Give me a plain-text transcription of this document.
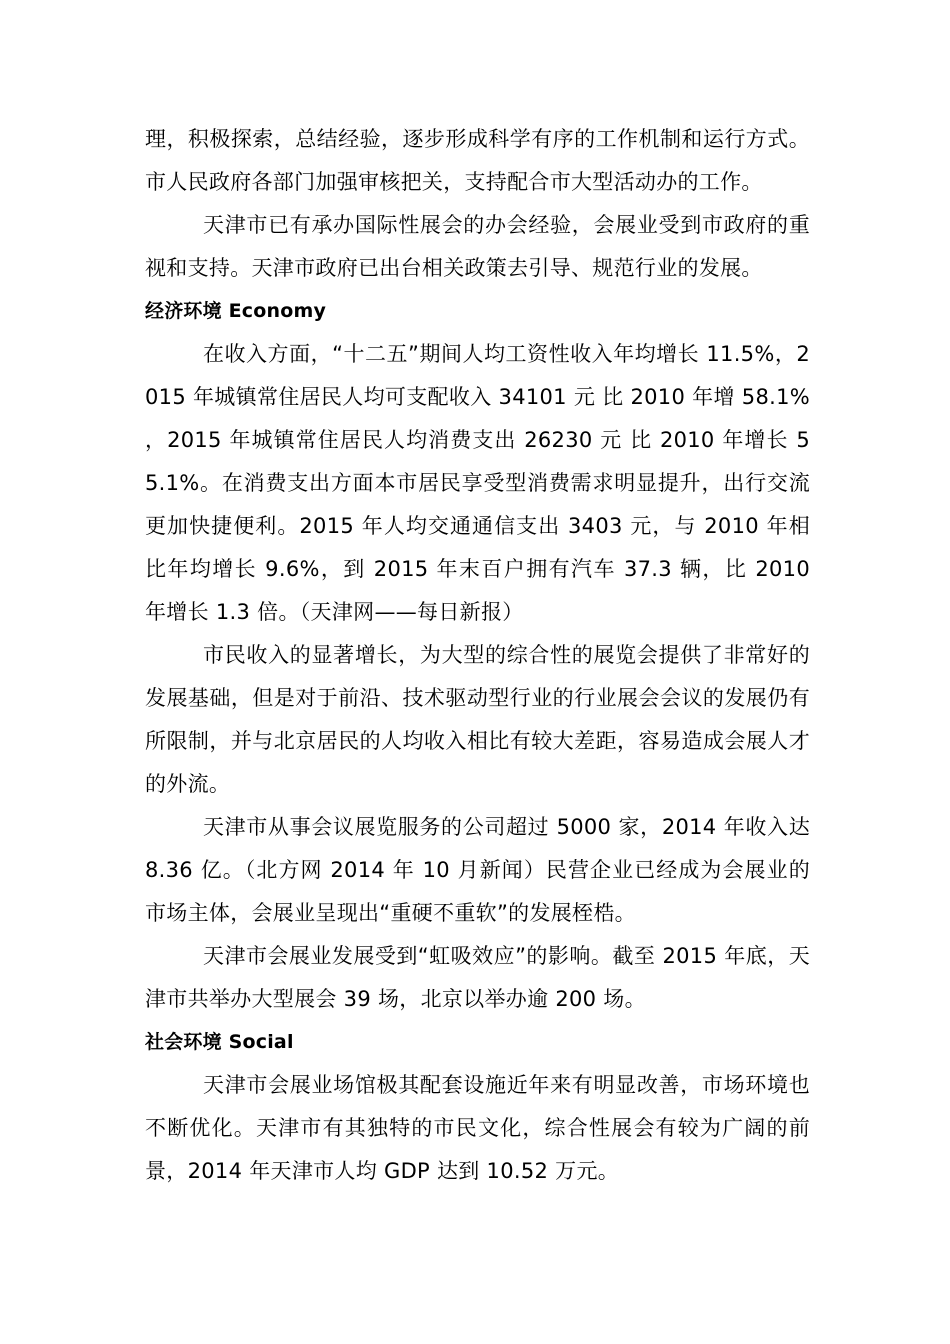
理，积极探索，总结经验，逐步形成科学有序的工作机制和运行方式。市人民政府各部门加强审核把关，支持配合市大型活动办的工作。

天津市已有承办国际性展会的办会经验，会展业受到市政府的重视和支持。天津市政府已出台相关政策去引导、规范行业的发展。

经济环境 Economy

在收入方面，“十二五”期间人均工资性收入年均增长 11.5%，2015 年城镇常住居民人均可支配收入 34101 元 比 2010 年增 58.1% ，2015 年城镇常住居民人均消费支出 26230 元 比 2010 年增长 55.1%。在消费支出方面本市居民享受型消费需求明显提升，出行交流更加快捷便利。2015 年人均交通通信支出 3403 元，与 2010 年相比年均增长 9.6%，到 2015 年末百户拥有汽车 37.3 辆，比 2010 年增长 1.3 倍。（天津网——每日新报）

市民收入的显著增长，为大型的综合性的展览会提供了非常好的发展基础，但是对于前沿、技术驱动型行业的行业展会会议的发展仍有所限制，并与北京居民的人均收入相比有较大差距，容易造成会展人才的外流。

天津市从事会议展览服务的公司超过 5000 家，2014 年收入达 8.36 亿。（北方网 2014 年 10 月新闻）民营企业已经成为会展业的市场主体，会展业呈现出“重硬不重软”的发展桎梏。

天津市会展业发展受到“虹吸效应”的影响。截至 2015 年底，天津市共举办大型展会 39 场，北京以举办逾 200 场。

社会环境 Social

天津市会展业场馆极其配套设施近年来有明显改善，市场环境也不断优化。天津市有其独特的市民文化，综合性展会有较为广阔的前景，2014 年天津市人均 GDP 达到 10.52 万元。
